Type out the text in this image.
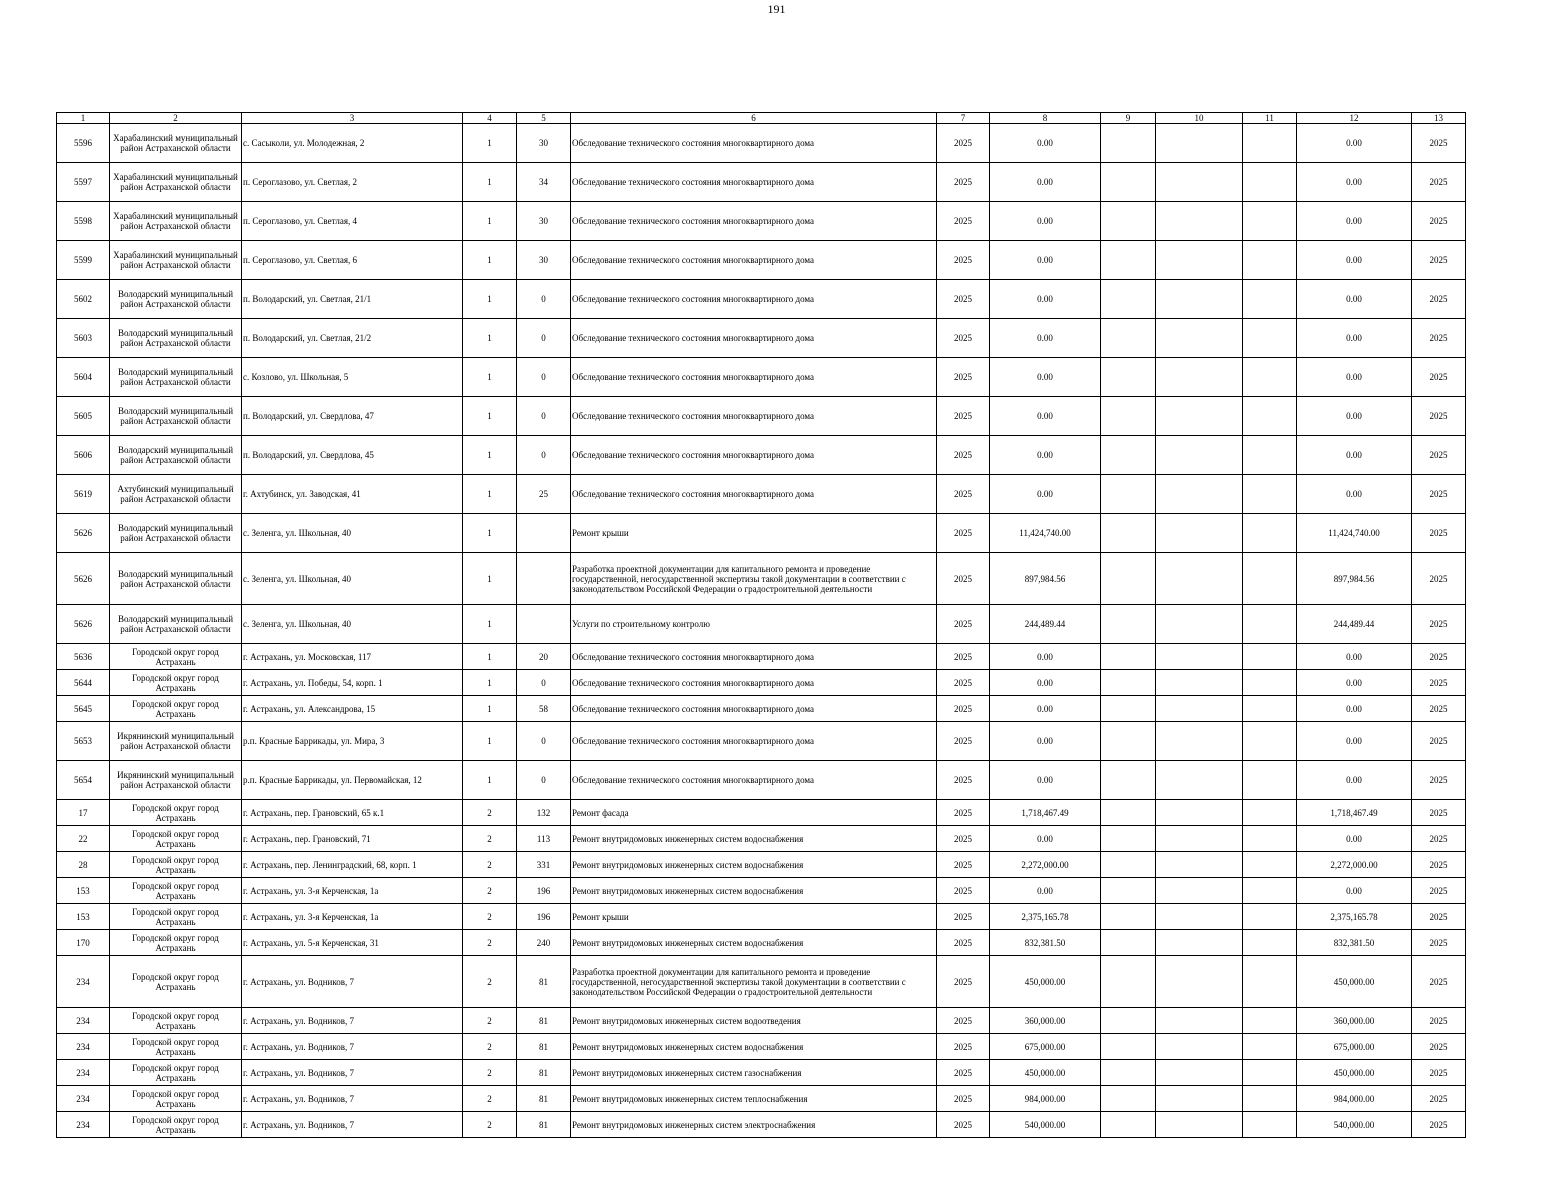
191
1	2	3	4	5	6	7	8	9	10	11	12	13
5596	Харабалинский муниципальный район Астраханской области	с. Сасыколи, ул. Молодежная, 2	1	30	Обследование технического состояния многоквартирного дома	2025	0.00				0.00	2025
5597	Харабалинский муниципальный район Астраханской области	п. Сероглазово, ул. Светлая, 2	1	34	Обследование технического состояния многоквартирного дома	2025	0.00				0.00	2025
5598	Харабалинский муниципальный район Астраханской области	п. Сероглазово, ул. Светлая, 4	1	30	Обследование технического состояния многоквартирного дома	2025	0.00				0.00	2025
5599	Харабалинский муниципальный район Астраханской области	п. Сероглазово, ул. Светлая, 6	1	30	Обследование технического состояния многоквартирного дома	2025	0.00				0.00	2025
5602	Володарский муниципальный район Астраханской области	п. Володарский, ул. Светлая, 21/1	1	0	Обследование технического состояния многоквартирного дома	2025	0.00				0.00	2025
5603	Володарский муниципальный район Астраханской области	п. Володарский, ул. Светлая, 21/2	1	0	Обследование технического состояния многоквартирного дома	2025	0.00				0.00	2025
5604	Володарский муниципальный район Астраханской области	с. Козлово, ул. Школьная, 5	1	0	Обследование технического состояния многоквартирного дома	2025	0.00				0.00	2025
5605	Володарский муниципальный район Астраханской области	п. Володарский, ул. Свердлова, 47	1	0	Обследование технического состояния многоквартирного дома	2025	0.00				0.00	2025
5606	Володарский муниципальный район Астраханской области	п. Володарский, ул. Свердлова, 45	1	0	Обследование технического состояния многоквартирного дома	2025	0.00				0.00	2025
5619	Ахтубинский муниципальный район Астраханской области	г. Ахтубинск, ул. Заводская, 41	1	25	Обследование технического состояния многоквартирного дома	2025	0.00				0.00	2025
5626	Володарский муниципальный район Астраханской области	с. Зеленга, ул. Школьная, 40	1		Ремонт крыши	2025	11,424,740.00				11,424,740.00	2025
5626	Володарский муниципальный район Астраханской области	с. Зеленга, ул. Школьная, 40	1		Разработка проектной документации для капитального ремонта и проведение государственной, негосударственной экспертизы такой документации в соответствии с законодательством Российской Федерации о градостроительной деятельности	2025	897,984.56				897,984.56	2025
5626	Володарский муниципальный район Астраханской области	с. Зеленга, ул. Школьная, 40	1		Услуги по строительному контролю	2025	244,489.44				244,489.44	2025
5636	Городской округ город Астрахань	г. Астрахань, ул. Московская, 117	1	20	Обследование технического состояния многоквартирного дома	2025	0.00				0.00	2025
5644	Городской округ город Астрахань	г. Астрахань, ул. Победы, 54, корп. 1	1	0	Обследование технического состояния многоквартирного дома	2025	0.00				0.00	2025
5645	Городской округ город Астрахань	г. Астрахань, ул. Александрова, 15	1	58	Обследование технического состояния многоквартирного дома	2025	0.00				0.00	2025
5653	Икрянинский муниципальный район Астраханской области	р.п. Красные Баррикады, ул. Мира, 3	1	0	Обследование технического состояния многоквартирного дома	2025	0.00				0.00	2025
5654	Икрянинский муниципальный район Астраханской области	р.п. Красные Баррикады, ул. Первомайская, 12	1	0	Обследование технического состояния многоквартирного дома	2025	0.00				0.00	2025
17	Городской округ город Астрахань	г. Астрахань, пер. Грановский, 65 к.1	2	132	Ремонт фасада	2025	1,718,467.49				1,718,467.49	2025
22	Городской округ город Астрахань	г. Астрахань, пер. Грановский, 71	2	113	Ремонт внутридомовых инженерных систем водоснабжения	2025	0.00				0.00	2025
28	Городской округ город Астрахань	г. Астрахань, пер. Ленинградский, 68, корп. 1	2	331	Ремонт внутридомовых инженерных систем водоснабжения	2025	2,272,000.00				2,272,000.00	2025
153	Городской округ город Астрахань	г. Астрахань, ул. 3-я Керченская, 1а	2	196	Ремонт внутридомовых инженерных систем водоснабжения	2025	0.00				0.00	2025
153	Городской округ город Астрахань	г. Астрахань, ул. 3-я Керченская, 1а	2	196	Ремонт крыши	2025	2,375,165.78				2,375,165.78	2025
170	Городской округ город Астрахань	г. Астрахань, ул. 5-я Керченская, 31	2	240	Ремонт внутридомовых инженерных систем водоснабжения	2025	832,381.50				832,381.50	2025
234	Городской округ город Астрахань	г. Астрахань, ул. Водников, 7	2	81	Разработка проектной документации для капитального ремонта и проведение государственной, негосударственной экспертизы такой документации в соответствии с законодательством Российской Федерации о градостроительной деятельности	2025	450,000.00				450,000.00	2025
234	Городской округ город Астрахань	г. Астрахань, ул. Водников, 7	2	81	Ремонт внутридомовых инженерных систем водоотведения	2025	360,000.00				360,000.00	2025
234	Городской округ город Астрахань	г. Астрахань, ул. Водников, 7	2	81	Ремонт внутридомовых инженерных систем водоснабжения	2025	675,000.00				675,000.00	2025
234	Городской округ город Астрахань	г. Астрахань, ул. Водников, 7	2	81	Ремонт внутридомовых инженерных систем газоснабжения	2025	450,000.00				450,000.00	2025
234	Городской округ город Астрахань	г. Астрахань, ул. Водников, 7	2	81	Ремонт внутридомовых инженерных систем теплоснабжения	2025	984,000.00				984,000.00	2025
234	Городской округ город Астрахань	г. Астрахань, ул. Водников, 7	2	81	Ремонт внутридомовых инженерных систем электроснабжения	2025	540,000.00				540,000.00	2025
